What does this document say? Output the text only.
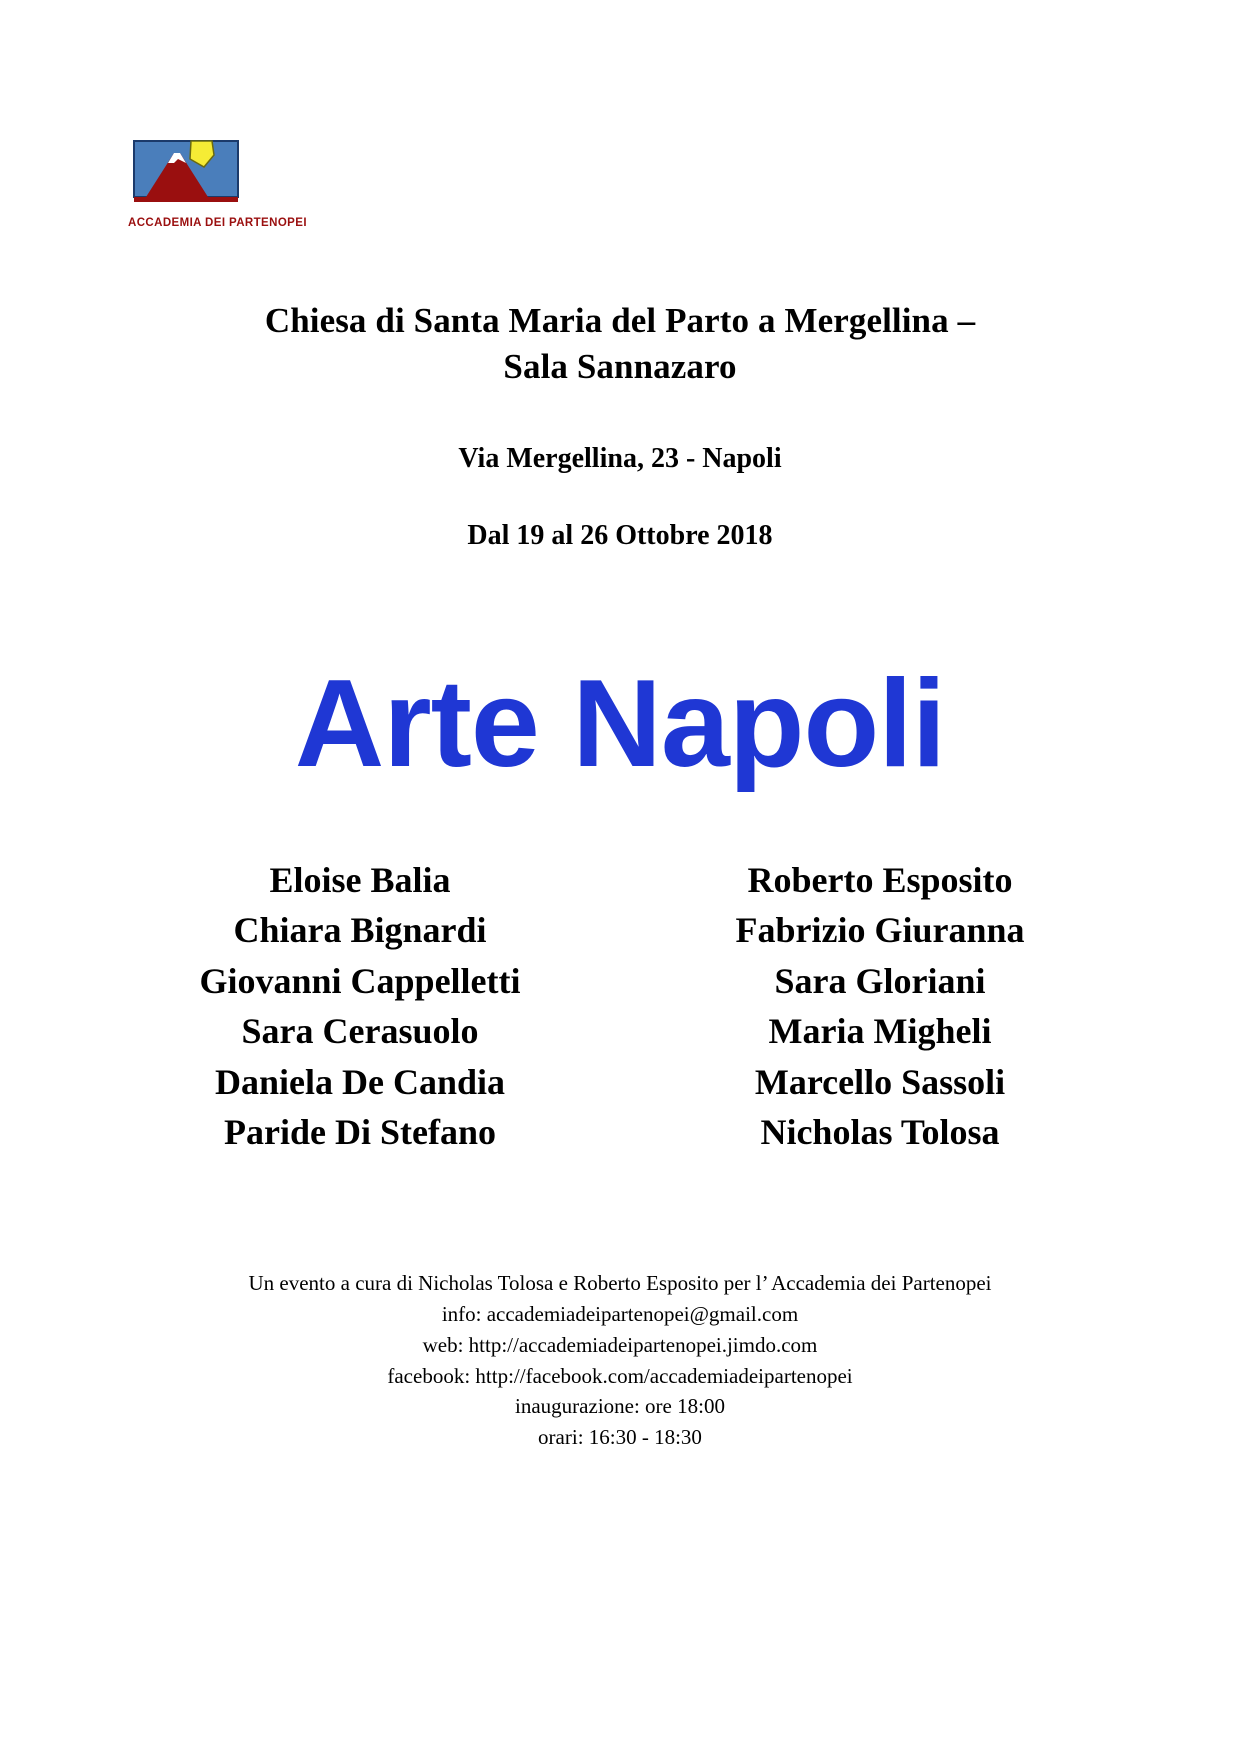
ACCADEMIA DEI PARTENOPEI
Chiesa di Santa Maria del Parto a Mergellina –
Sala Sannazaro
Via Mergellina, 23 - Napoli
Dal 19 al 26 Ottobre 2018
Arte Napoli
Eloise Balia
Chiara Bignardi
Giovanni Cappelletti
Sara Cerasuolo
Daniela De Candia
Paride Di Stefano
Roberto Esposito
Fabrizio Giuranna
Sara Gloriani
Maria Migheli
Marcello Sassoli
Nicholas Tolosa
Un evento a cura di Nicholas Tolosa e Roberto Esposito per l’ Accademia dei Partenopei
info: accademiadeipartenopei@gmail.com
web: http://accademiadeipartenopei.jimdo.com
facebook: http://facebook.com/accademiadeipartenopei
inaugurazione: ore 18:00
orari: 16:30 - 18:30
